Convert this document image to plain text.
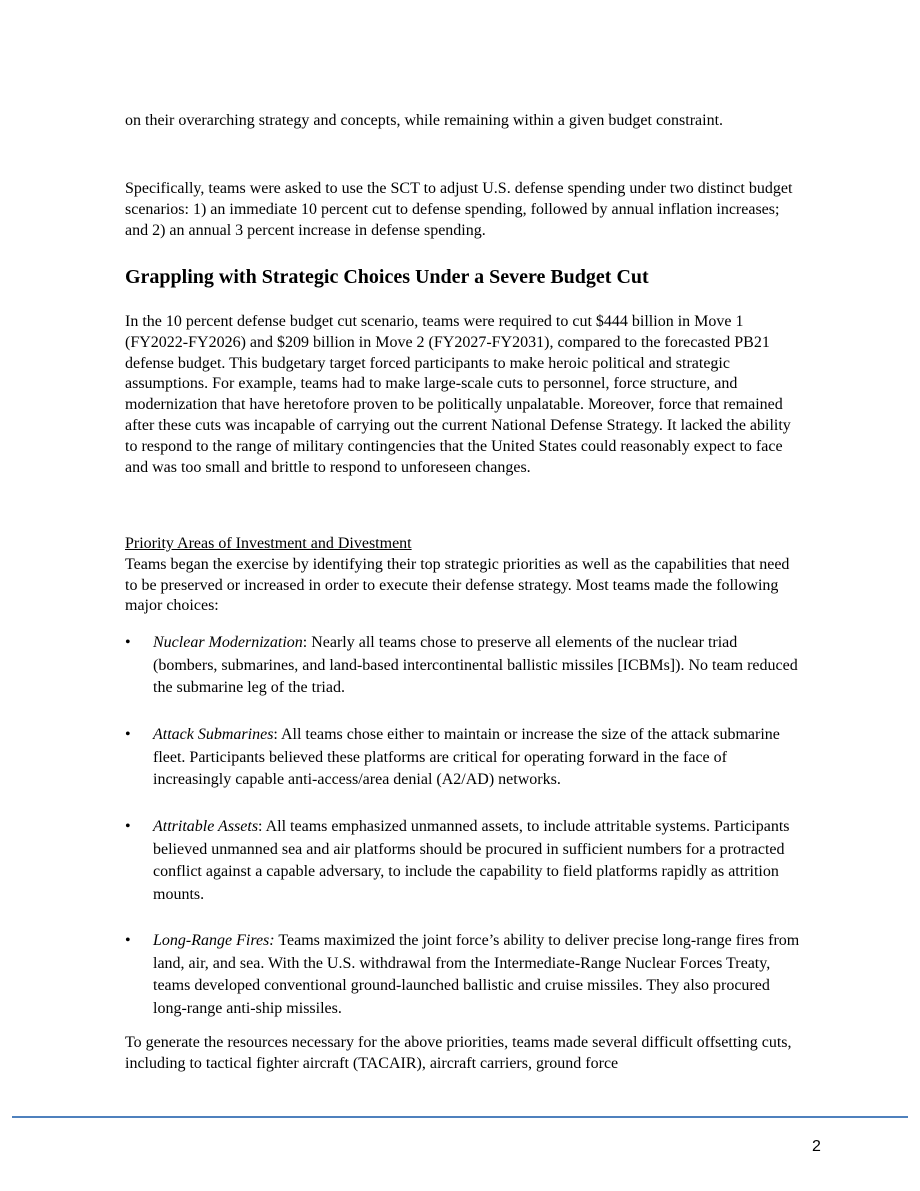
on their overarching strategy and concepts, while remaining within a given budget constraint.

Specifically, teams were asked to use the SCT to adjust U.S. defense spending under two distinct budget scenarios: 1) an immediate 10 percent cut to defense spending, followed by annual inflation increases; and 2) an annual 3 percent increase in defense spending.

Grappling with Strategic Choices Under a Severe Budget Cut

In the 10 percent defense budget cut scenario, teams were required to cut $444 billion in Move 1 (FY2022-FY2026) and $209 billion in Move 2 (FY2027-FY2031), compared to the forecasted PB21 defense budget. This budgetary target forced participants to make heroic political and strategic assumptions. For example, teams had to make large-scale cuts to personnel, force structure, and modernization that have heretofore proven to be politically unpalatable. Moreover, force that remained after these cuts was incapable of carrying out the current National Defense Strategy. It lacked the ability to respond to the range of military contingencies that the United States could reasonably expect to face and was too small and brittle to respond to unforeseen changes.

Priority Areas of Investment and Divestment
Teams began the exercise by identifying their top strategic priorities as well as the capabilities that need to be preserved or increased in order to execute their defense strategy. Most teams made the following major choices:
• Nuclear Modernization: Nearly all teams chose to preserve all elements of the nuclear triad (bombers, submarines, and land-based intercontinental ballistic missiles [ICBMs]). No team reduced the submarine leg of the triad.
• Attack Submarines: All teams chose either to maintain or increase the size of the attack submarine fleet. Participants believed these platforms are critical for operating forward in the face of increasingly capable anti-access/area denial (A2/AD) networks.
• Attritable Assets: All teams emphasized unmanned assets, to include attritable systems. Participants believed unmanned sea and air platforms should be procured in sufficient numbers for a protracted conflict against a capable adversary, to include the capability to field platforms rapidly as attrition mounts.
• Long-Range Fires: Teams maximized the joint force’s ability to deliver precise long-range fires from land, air, and sea. With the U.S. withdrawal from the Intermediate-Range Nuclear Forces Treaty, teams developed conventional ground-launched ballistic and cruise missiles. They also procured long-range anti-ship missiles.

To generate the resources necessary for the above priorities, teams made several difficult offsetting cuts, including to tactical fighter aircraft (TACAIR), aircraft carriers, ground force

2
